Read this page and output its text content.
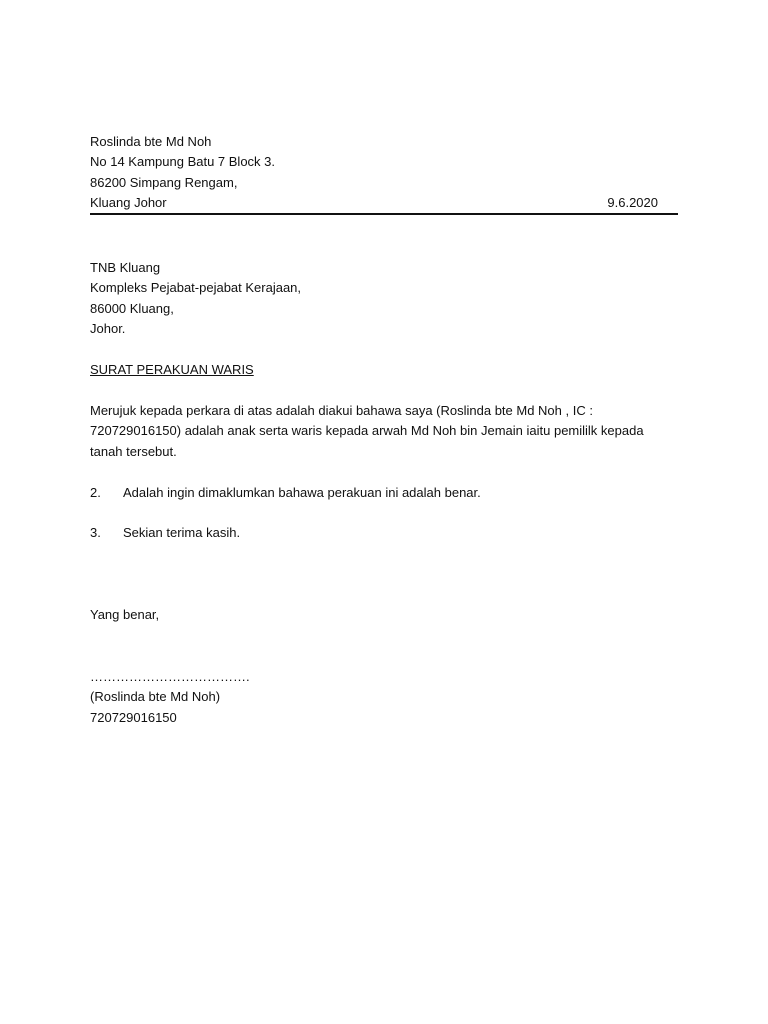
Roslinda bte Md Noh
No 14 Kampung Batu 7 Block 3.
86200 Simpang Rengam,
Kluang Johor	9.6.2020
TNB Kluang
Kompleks Pejabat-pejabat Kerajaan,
86000 Kluang,
Johor.
SURAT PERAKUAN WARIS
Merujuk kepada perkara di atas adalah diakui bahawa saya (Roslinda bte Md Noh , IC :
720729016150) adalah anak serta waris kepada arwah Md Noh bin Jemain iaitu pemililk kepada
tanah tersebut.
2. Adalah ingin dimaklumkan bahawa perakuan ini adalah benar.
3. Sekian terima kasih.
Yang benar,
……………………………….
(Roslinda bte Md Noh)
720729016150
